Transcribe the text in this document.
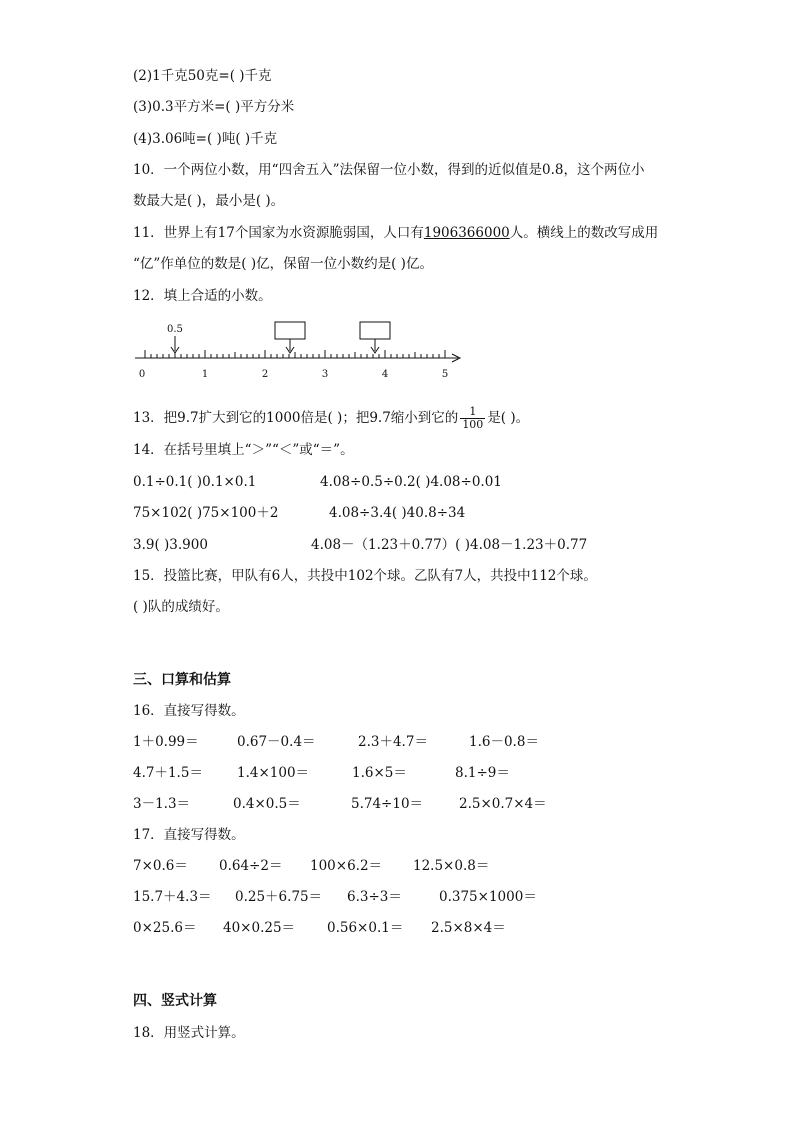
(2)1千克50克=( )千克
(3)0.3平方米=( )平方分米
(4)3.06吨=( )吨( )千克
10．一个两位小数，用“四舍五入”法保留一位小数，得到的近似值是0.8，这个两位小
数最大是( )，最小是( )。
11．世界上有17个国家为水资源脆弱国，人口有1906366000人。横线上的数改写成用
“亿”作单位的数是( )亿，保留一位小数约是( )亿。
12．填上合适的小数。
0.5
0	1	2	3	4	5
13．把9.7扩大到它的1000倍是( )；把9.7缩小到它的 $\frac{1}{100}$ 是( )。
14．在括号里填上“＞”“＜”或“＝”。
0.1÷0.1( )0.1×0.1	4.08÷0.5÷0.2( )4.08÷0.01
75×102( )75×100＋2	4.08÷3.4( )40.8÷34
3.9( )3.900	4.08－（1.23＋0.77）( )4.08－1.23＋0.77
15．投篮比赛，甲队有6人，共投中102个球。乙队有7人，共投中112个球。
( )队的成绩好。
三、口算和估算
16．直接写得数。
1＋0.99＝	0.67－0.4＝	2.3＋4.7＝	1.6－0.8＝
4.7＋1.5＝	1.4×100＝	1.6×5＝	8.1÷9＝
3－1.3＝	0.4×0.5＝	5.74÷10＝	2.5×0.7×4＝
17．直接写得数。
7×0.6＝ 0.64÷2＝ 100×6.2＝ 12.5×0.8＝
15.7＋4.3＝ 0.25＋6.75＝ 6.3÷3＝	0.375×1000＝
0×25.6＝ 40×0.25＝ 0.56×0.1＝ 2.5×8×4＝
四、竖式计算
18．用竖式计算。
